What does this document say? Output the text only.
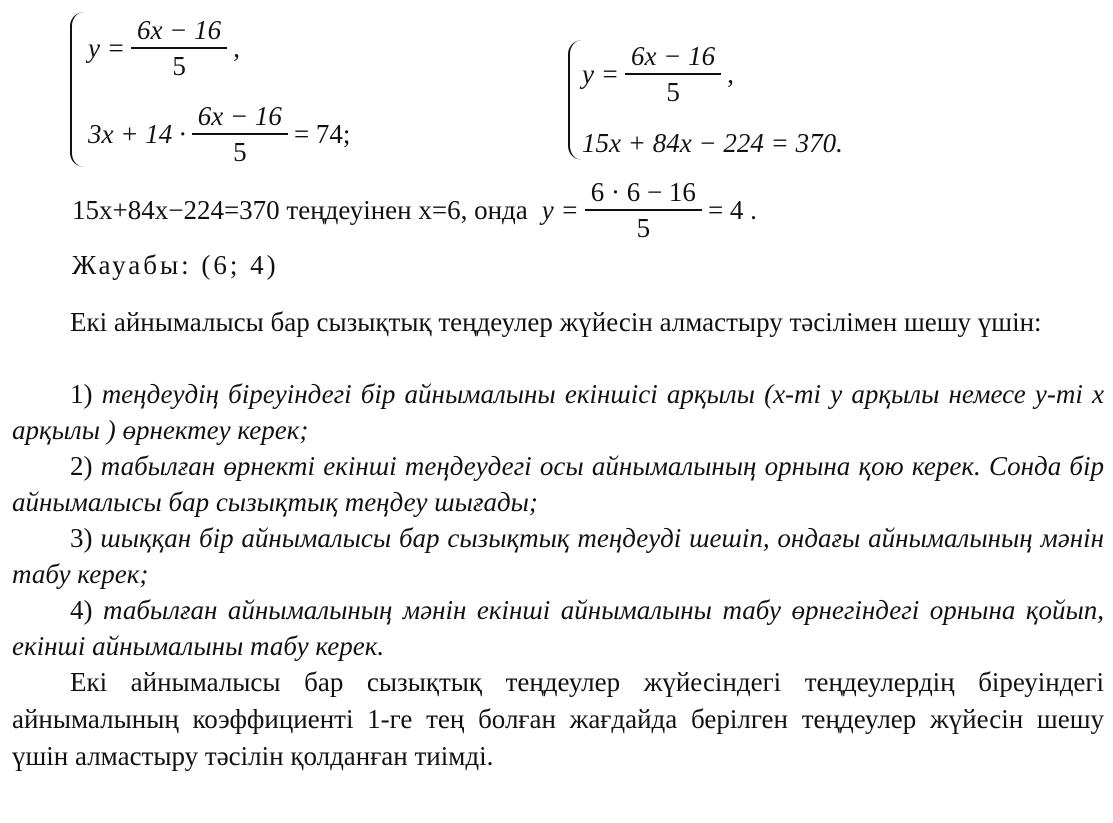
$y = \frac{6x - 16}{5}$ ,
$3x + 14 \cdot \frac{6x - 16}{5} = 74$;
$y = \frac{6x - 16}{5}$ ,
15x + 84x − 224 = 370.
15x+84x−224=370 теңдеуінен x=6, онда $y = \frac{6 \cdot 6 - 16}{5} = 4$ .
Жауабы: (6; 4)

Екі айнымалысы бар сызықтық теңдеулер жүйесін алмастыру тәсілімен шешу үшін:

1) теңдеудің біреуіндегі бір айнымалыны екіншісі арқылы (x-ті y арқылы немесе y-ті x арқылы ) өрнектеу керек;

2) табылған өрнекті екінші теңдеудегі осы айнымалының орнына қою керек. Сонда бір айнымалысы бар сызықтық теңдеу шығады;

3) шыққан бір айнымалысы бар сызықтық теңдеуді шешіп, ондағы айнымалының мәнін табу керек;

4) табылған айнымалының мәнін екінші айнымалыны табу өрнегіндегі орнына қойып, екінші айнымалыны табу керек.

Екі айнымалысы бар сызықтық теңдеулер жүйесіндегі теңдеулердің біреуіндегі айнымалының коэффициенті 1-ге тең болған жағдайда берілген теңдеулер жүйесін шешу үшін алмастыру тәсілін қолданған тиімді.
